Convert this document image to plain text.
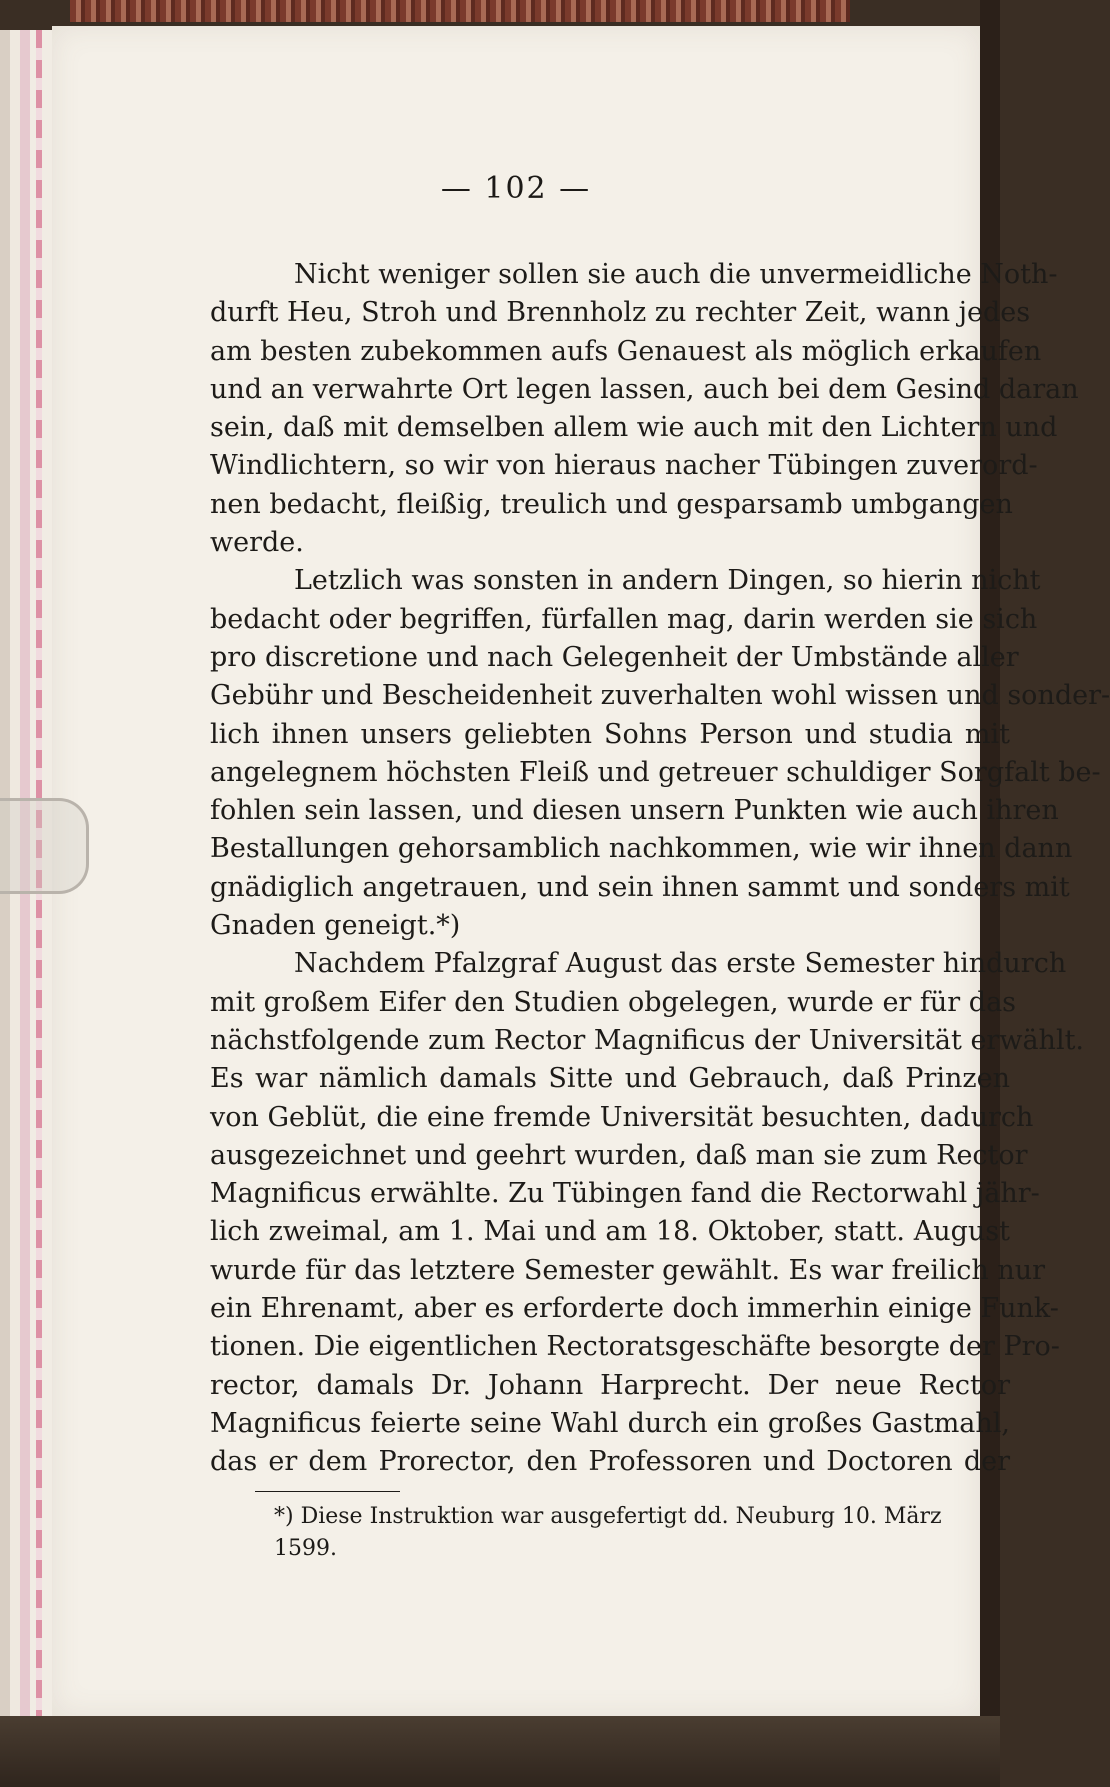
— 102 —
Nicht weniger sollen sie auch die unvermeidliche Noth-
durft Heu, Stroh und Brennholz zu rechter Zeit, wann jedes
am besten zubekommen aufs Genauest als möglich erkaufen
und an verwahrte Ort legen lassen, auch bei dem Gesind daran
sein, daß mit demselben allem wie auch mit den Lichtern und
Windlichtern, so wir von hieraus nacher Tübingen zuverord-
nen bedacht, fleißig, treulich und gesparsamb umbgangen
werde.
Letzlich was sonsten in andern Dingen, so hierin nicht
bedacht oder begriffen, fürfallen mag, darin werden sie sich
pro discretione und nach Gelegenheit der Umbstände aller
Gebühr und Bescheidenheit zuverhalten wohl wissen und sonder-
lich ihnen unsers geliebten Sohns Person und studia mit
angelegnem höchsten Fleiß und getreuer schuldiger Sorgfalt be-
fohlen sein lassen, und diesen unsern Punkten wie auch ihren
Bestallungen gehorsamblich nachkommen, wie wir ihnen dann
gnädiglich angetrauen, und sein ihnen sammt und sonders mit
Gnaden geneigt.*)
Nachdem Pfalzgraf August das erste Semester hindurch
mit großem Eifer den Studien obgelegen, wurde er für das
nächstfolgende zum Rector Magnificus der Universität erwählt.
Es war nämlich damals Sitte und Gebrauch, daß Prinzen
von Geblüt, die eine fremde Universität besuchten, dadurch
ausgezeichnet und geehrt wurden, daß man sie zum Rector
Magnificus erwählte. Zu Tübingen fand die Rectorwahl jähr-
lich zweimal, am 1. Mai und am 18. Oktober, statt. August
wurde für das letztere Semester gewählt. Es war freilich nur
ein Ehrenamt, aber es erforderte doch immerhin einige Funk-
tionen. Die eigentlichen Rectoratsgeschäfte besorgte der Pro-
rector, damals Dr. Johann Harprecht. Der neue Rector
Magnificus feierte seine Wahl durch ein großes Gastmahl,
das er dem Prorector, den Professoren und Doctoren der
*) Diese Instruktion war ausgefertigt dd. Neuburg 10. März
1599.
